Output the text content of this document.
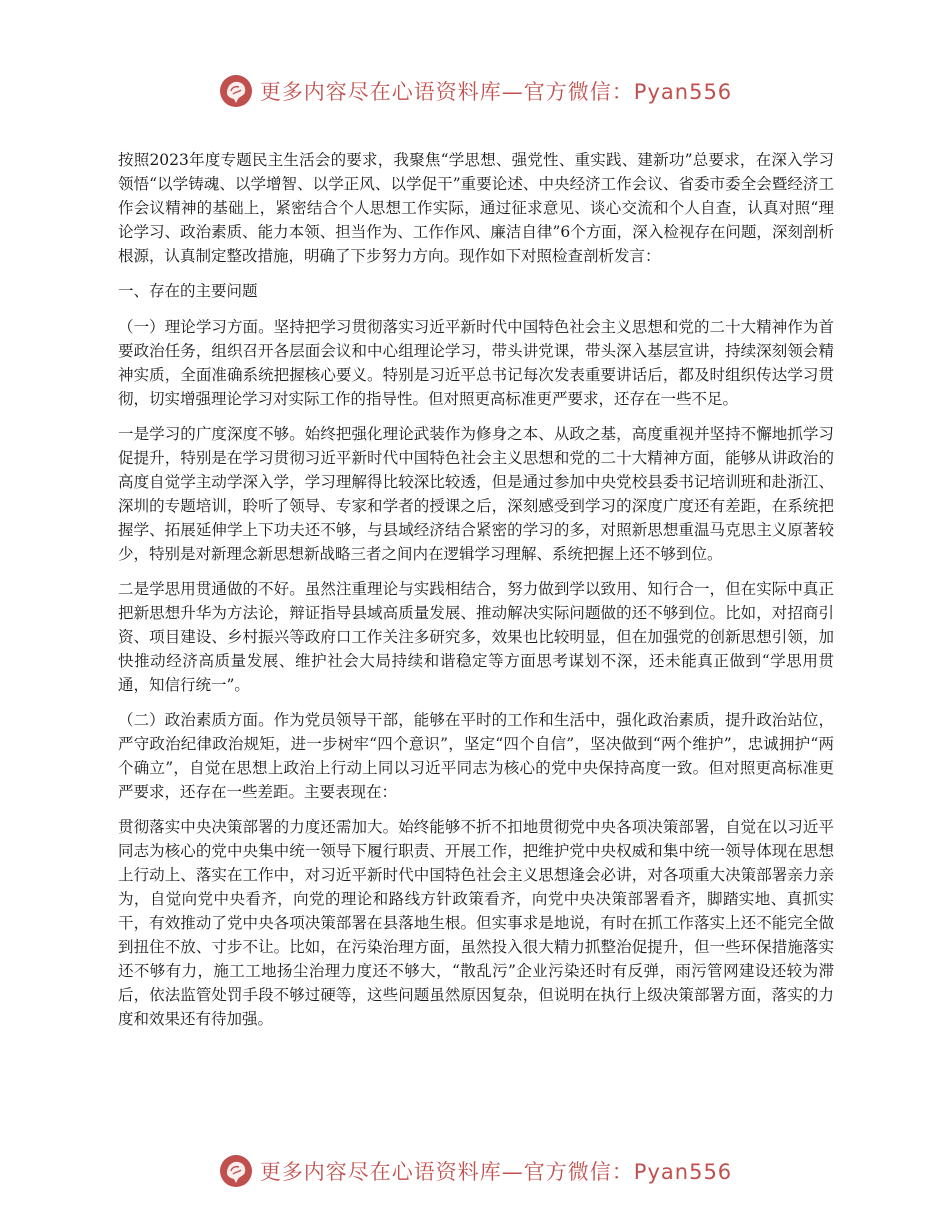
更多内容尽在心语资料库—官方微信：Pyan556

按照2023年度专题民主生活会的要求，我聚焦“学思想、强党性、重实践、建新功”总要求，在深入学习领悟“以学铸魂、以学增智、以学正风、以学促干”重要论述、中央经济工作会议、省委市委全会暨经济工作会议精神的基础上，紧密结合个人思想工作实际，通过征求意见、谈心交流和个人自查，认真对照“理论学习、政治素质、能力本领、担当作为、工作作风、廉洁自律”6个方面，深入检视存在问题，深刻剖析根源，认真制定整改措施，明确了下步努力方向。现作如下对照检查剖析发言：

一、存在的主要问题

（一）理论学习方面。坚持把学习贯彻落实习近平新时代中国特色社会主义思想和党的二十大精神作为首要政治任务，组织召开各层面会议和中心组理论学习，带头讲党课，带头深入基层宣讲，持续深刻领会精神实质，全面准确系统把握核心要义。特别是习近平总书记每次发表重要讲话后，都及时组织传达学习贯彻，切实增强理论学习对实际工作的指导性。但对照更高标准更严要求，还存在一些不足。

一是学习的广度深度不够。始终把强化理论武装作为修身之本、从政之基，高度重视并坚持不懈地抓学习促提升，特别是在学习贯彻习近平新时代中国特色社会主义思想和党的二十大精神方面，能够从讲政治的高度自觉学主动学深入学，学习理解得比较深比较透，但是通过参加中央党校县委书记培训班和赴浙江、深圳的专题培训，聆听了领导、专家和学者的授课之后，深刻感受到学习的深度广度还有差距，在系统把握学、拓展延伸学上下功夫还不够，与县域经济结合紧密的学习的多，对照新思想重温马克思主义原著较少，特别是对新理念新思想新战略三者之间内在逻辑学习理解、系统把握上还不够到位。

二是学思用贯通做的不好。虽然注重理论与实践相结合，努力做到学以致用、知行合一，但在实际中真正把新思想升华为方法论，辩证指导县域高质量发展、推动解决实际问题做的还不够到位。比如，对招商引资、项目建设、乡村振兴等政府口工作关注多研究多，效果也比较明显，但在加强党的创新思想引领，加快推动经济高质量发展、维护社会大局持续和谐稳定等方面思考谋划不深，还未能真正做到“学思用贯通，知信行统一”。

（二）政治素质方面。作为党员领导干部，能够在平时的工作和生活中，强化政治素质，提升政治站位，严守政治纪律政治规矩，进一步树牢“四个意识”，坚定“四个自信”，坚决做到“两个维护”，忠诚拥护“两个确立”，自觉在思想上政治上行动上同以习近平同志为核心的党中央保持高度一致。但对照更高标准更严要求，还存在一些差距。主要表现在：

贯彻落实中央决策部署的力度还需加大。始终能够不折不扣地贯彻党中央各项决策部署，自觉在以习近平同志为核心的党中央集中统一领导下履行职责、开展工作，把维护党中央权威和集中统一领导体现在思想上行动上、落实在工作中，对习近平新时代中国特色社会主义思想逢会必讲，对各项重大决策部署亲力亲为，自觉向党中央看齐，向党的理论和路线方针政策看齐，向党中央决策部署看齐，脚踏实地、真抓实干，有效推动了党中央各项决策部署在县落地生根。但实事求是地说，有时在抓工作落实上还不能完全做到扭住不放、寸步不让。比如，在污染治理方面，虽然投入很大精力抓整治促提升，但一些环保措施落实还不够有力，施工工地扬尘治理力度还不够大，“散乱污”企业污染还时有反弹，雨污管网建设还较为滞后，依法监管处罚手段不够过硬等，这些问题虽然原因复杂，但说明在执行上级决策部署方面，落实的力度和效果还有待加强。

更多内容尽在心语资料库—官方微信：Pyan556
